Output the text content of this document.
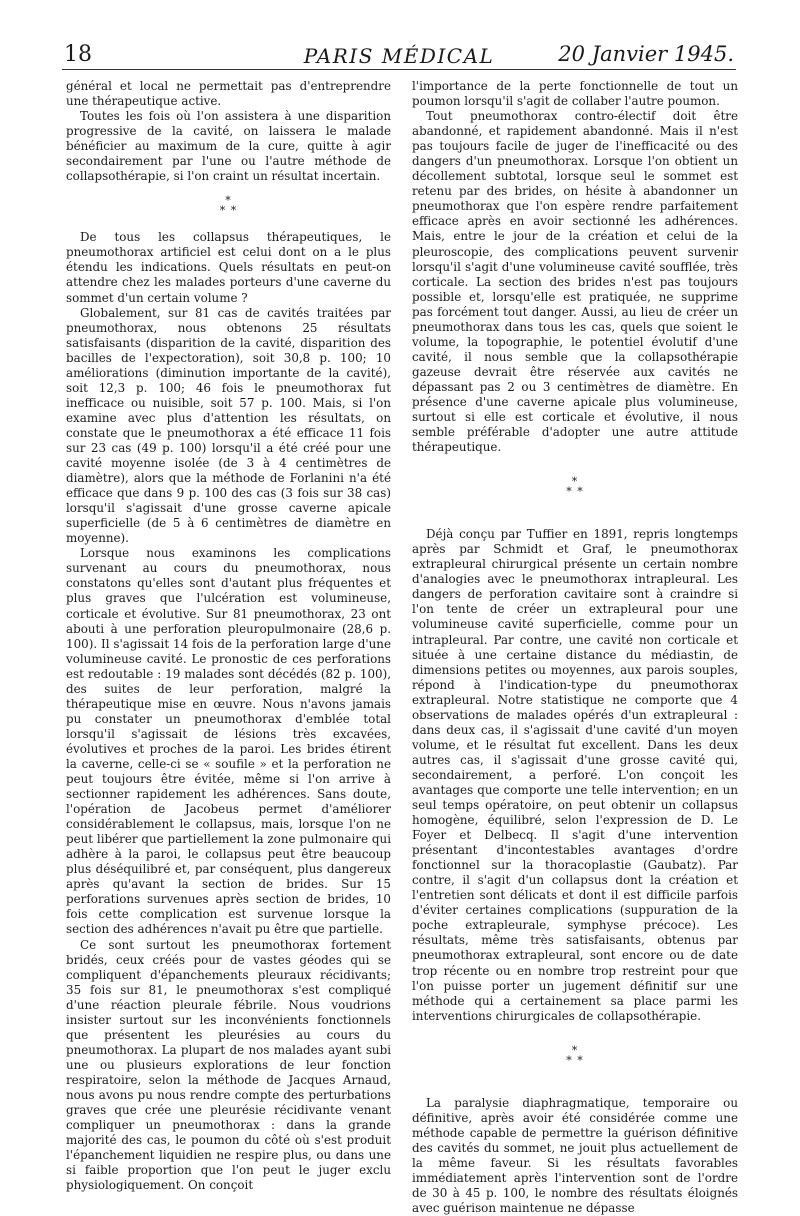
18	PARIS MÉDICAL	20 Janvier 1945.

général et local ne permettait pas d'entreprendre une thérapeutique active.

Toutes les fois où l'on assistera à une disparition progressive de la cavité, on laissera le malade bénéficier au maximum de la cure, quitte à agir secondairement par l'une ou l'autre méthode de collapsothérapie, si l'on craint un résultat incertain.

*
* *

De tous les collapsus thérapeutiques, le pneumothorax artificiel est celui dont on a le plus étendu les indications. Quels résultats en peut-on attendre chez les malades porteurs d'une caverne du sommet d'un certain volume ?

Globalement, sur 81 cas de cavités traitées par pneumothorax, nous obtenons 25 résultats satisfaisants (disparition de la cavité, disparition des bacilles de l'expectoration), soit 30,8 p. 100; 10 améliorations (diminution importante de la cavité), soit 12,3 p. 100; 46 fois le pneumothorax fut inefficace ou nuisible, soit 57 p. 100. Mais, si l'on examine avec plus d'attention les résultats, on constate que le pneumothorax a été efficace 11 fois sur 23 cas (49 p. 100) lorsqu'il a été créé pour une cavité moyenne isolée (de 3 à 4 centimètres de diamètre), alors que la méthode de Forlanini n'a été efficace que dans 9 p. 100 des cas (3 fois sur 38 cas) lorsqu'il s'agissait d'une grosse caverne apicale superficielle (de 5 à 6 centimètres de diamètre en moyenne).

Lorsque nous examinons les complications survenant au cours du pneumothorax, nous constatons qu'elles sont d'autant plus fréquentes et plus graves que l'ulcération est volumineuse, corticale et évolutive. Sur 81 pneumothorax, 23 ont abouti à une perforation pleuropulmonaire (28,6 p. 100). Il s'agissait 14 fois de la perforation large d'une volumineuse cavité. Le pronostic de ces perforations est redoutable : 19 malades sont décédés (82 p. 100), des suites de leur perforation, malgré la thérapeutique mise en œuvre. Nous n'avons jamais pu constater un pneumothorax d'emblée total lorsqu'il s'agissait de lésions très excavées, évolutives et proches de la paroi. Les brides étirent la caverne, celle-ci se « soufile » et la perforation ne peut toujours être évitée, même si l'on arrive à sectionner rapidement les adhérences. Sans doute, l'opération de Jacobeus permet d'améliorer considérablement le collapsus, mais, lorsque l'on ne peut libérer que partiellement la zone pulmonaire qui adhère à la paroi, le collapsus peut être beaucoup plus déséquilibré et, par conséquent, plus dangereux après qu'avant la section de brides. Sur 15 perforations survenues après section de brides, 10 fois cette complication est survenue lorsque la section des adhérences n'avait pu être que partielle.

Ce sont surtout les pneumothorax fortement bridés, ceux créés pour de vastes géodes qui se compliquent d'épanchements pleuraux récidivants; 35 fois sur 81, le pneumothorax s'est compliqué d'une réaction pleurale fébrile. Nous voudrions insister surtout sur les inconvénients fonctionnels que présentent les pleurésies au cours du pneumothorax. La plupart de nos malades ayant subi une ou plusieurs explorations de leur fonction respiratoire, selon la méthode de Jacques Arnaud, nous avons pu nous rendre compte des perturbations graves que crée une pleurésie récidivante venant compliquer un pneumothorax : dans la grande majorité des cas, le poumon du côté où s'est produit l'épanchement liquidien ne respire plus, ou dans une si faible proportion que l'on peut le juger exclu physiologiquement. On conçoit

l'importance de la perte fonctionnelle de tout un poumon lorsqu'il s'agit de collaber l'autre poumon.

Tout pneumothorax contro-électif doit être abandonné, et rapidement abandonné. Mais il n'est pas toujours facile de juger de l'inefficacité ou des dangers d'un pneumothorax. Lorsque l'on obtient un décollement subtotal, lorsque seul le sommet est retenu par des brides, on hésite à abandonner un pneumothorax que l'on espère rendre parfaitement efficace après en avoir sectionné les adhérences. Mais, entre le jour de la création et celui de la pleuroscopie, des complications peuvent survenir lorsqu'il s'agit d'une volumineuse cavité soufflée, très corticale. La section des brides n'est pas toujours possible et, lorsqu'elle est pratiquée, ne supprime pas forcément tout danger. Aussi, au lieu de créer un pneumothorax dans tous les cas, quels que soient le volume, la topographie, le potentiel évolutif d'une cavité, il nous semble que la collapsothérapie gazeuse devrait être réservée aux cavités ne dépassant pas 2 ou 3 centimètres de diamètre. En présence d'une caverne apicale plus volumineuse, surtout si elle est corticale et évolutive, il nous semble préférable d'adopter une autre attitude thérapeutique.

*
* *

Déjà conçu par Tuffier en 1891, repris longtemps après par Schmidt et Graf, le pneumothorax extrapleural chirurgical présente un certain nombre d'analogies avec le pneumothorax intrapleural. Les dangers de perforation cavitaire sont à craindre si l'on tente de créer un extrapleural pour une volumineuse cavité superficielle, comme pour un intrapleural. Par contre, une cavité non corticale et située à une certaine distance du médiastin, de dimensions petites ou moyennes, aux parois souples, répond à l'indication-type du pneumothorax extrapleural. Notre statistique ne comporte que 4 observations de malades opérés d'un extrapleural : dans deux cas, il s'agissait d'une cavité d'un moyen volume, et le résultat fut excellent. Dans les deux autres cas, il s'agissait d'une grosse cavité qui, secondairement, a perforé. L'on conçoit les avantages que comporte une telle intervention; en un seul temps opératoire, on peut obtenir un collapsus homogène, équilibré, selon l'expression de D. Le Foyer et Delbecq. Il s'agit d'une intervention présentant d'incontestables avantages d'ordre fonctionnel sur la thoracoplastie (Gaubatz). Par contre, il s'agit d'un collapsus dont la création et l'entretien sont délicats et dont il est difficile parfois d'éviter certaines complications (suppuration de la poche extrapleurale, symphyse précoce). Les résultats, même très satisfaisants, obtenus par pneumothorax extrapleural, sont encore ou de date trop récente ou en nombre trop restreint pour que l'on puisse porter un jugement définitif sur une méthode qui a certainement sa place parmi les interventions chirurgicales de collapsothérapie.

*
* *

La paralysie diaphragmatique, temporaire ou définitive, après avoir été considérée comme une méthode capable de permettre la guérison définitive des cavités du sommet, ne jouit plus actuellement de la même faveur. Si les résultats favorables immédiatement après l'intervention sont de l'ordre de 30 à 45 p. 100, le nombre des résultats éloignés avec guérison maintenue ne dépasse
